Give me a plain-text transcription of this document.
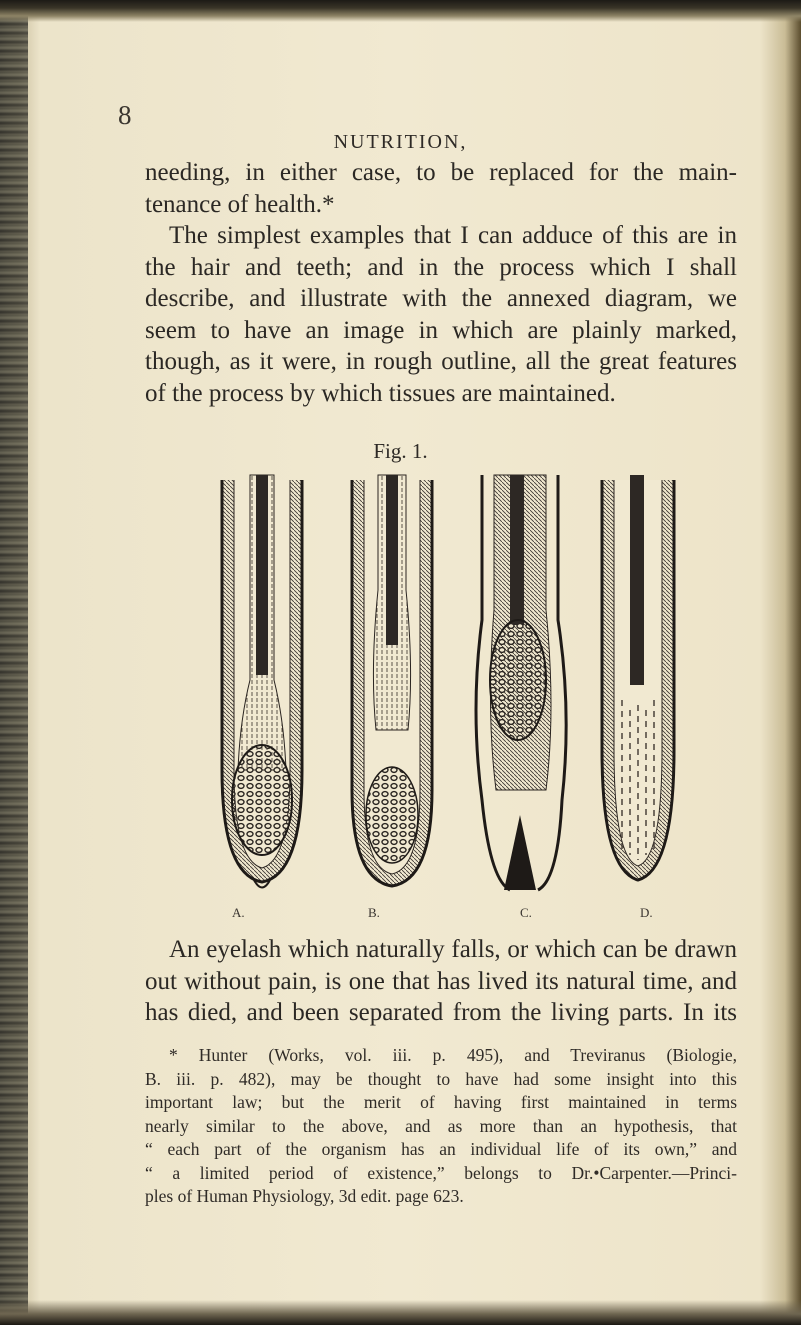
8
NUTRITION,
needing, in either case, to be replaced for the main-
tenance of health.*
The simplest examples that I can adduce of this are in
the hair and teeth; and in the process which I shall
describe, and illustrate with the annexed diagram, we
seem to have an image in which are plainly marked,
though, as it were, in rough outline, all the great features
of the process by which tissues are maintained.
Fig. 1.
A.	B.	C.	D.
An eyelash which naturally falls, or which can be drawn
out without pain, is one that has lived its natural time, and
has died, and been separated from the living parts. In its
* Hunter (Works, vol. iii. p. 495), and Treviranus (Biologie,
B. iii. p. 482), may be thought to have had some insight into this
important law; but the merit of having first maintained in terms
nearly similar to the above, and as more than an hypothesis, that
“ each part of the organism has an individual life of its own,” and
“ a limited period of existence,” belongs to Dr.•Carpenter.—Princi-
ples of Human Physiology, 3d edit. page 623.
